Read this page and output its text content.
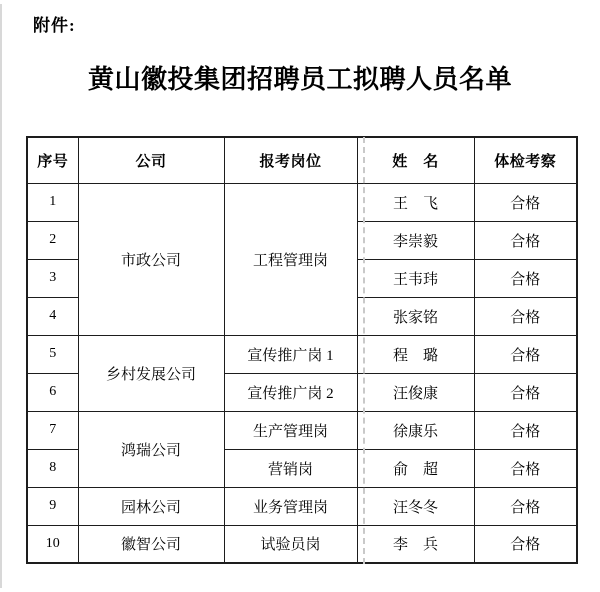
附件:
黄山徽投集团招聘员工拟聘人员名单
序号	公司	报考岗位	姓　名	体检考察
1	市政公司	工程管理岗	王　飞	合格
2			李崇毅	合格
3			王韦玮	合格
4			张家铭	合格
5	乡村发展公司	宣传推广岗 1	程　璐	合格
6		宣传推广岗 2	汪俊康	合格
7	鸿瑞公司	生产管理岗	徐康乐	合格
8		营销岗	俞　超	合格
9	园林公司	业务管理岗	汪冬冬	合格
10	徽智公司	试验员岗	李　兵	合格
